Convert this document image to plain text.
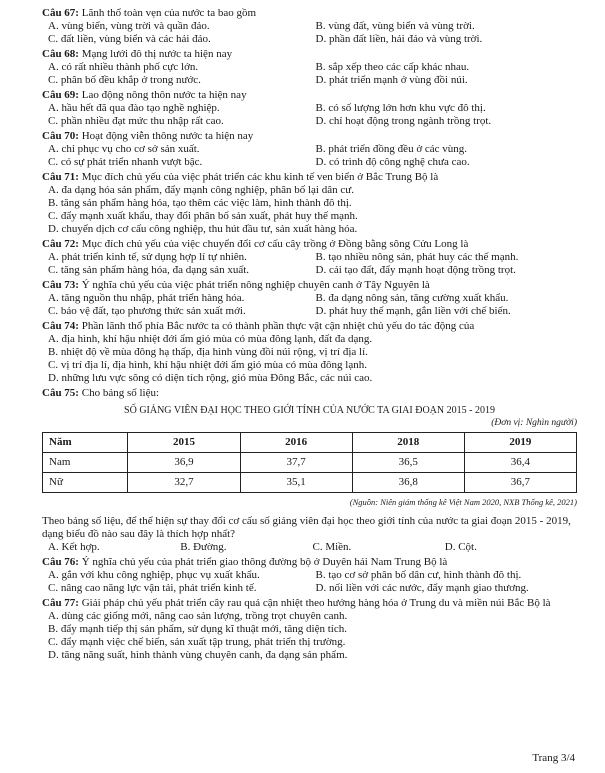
Câu 67: Lãnh thổ toàn vẹn của nước ta bao gồm
A. vùng biển, vùng trời và quần đảo.	B. vùng đất, vùng biển và vùng trời.
C. đất liền, vùng biển và các hải đảo.	D. phần đất liền, hải đảo và vùng trời.
Câu 68: Mạng lưới đô thị nước ta hiện nay
A. có rất nhiều thành phố cực lớn.	B. sắp xếp theo các cấp khác nhau.
C. phân bố đều khắp ở trong nước.	D. phát triển mạnh ở vùng đồi núi.
Câu 69: Lao động nông thôn nước ta hiện nay
A. hầu hết đã qua đào tạo nghề nghiệp.	B. có số lượng lớn hơn khu vực đô thị.
C. phần nhiều đạt mức thu nhập rất cao.	D. chỉ hoạt động trong ngành trồng trọt.
Câu 70: Hoạt động viễn thông nước ta hiện nay
A. chỉ phục vụ cho cơ sở sản xuất.	B. phát triển đồng đều ở các vùng.
C. có sự phát triển nhanh vượt bậc.	D. có trình độ công nghệ chưa cao.
Câu 71: Mục đích chủ yếu của việc phát triển các khu kinh tế ven biển ở Bắc Trung Bộ là
A. đa dạng hóa sản phẩm, đẩy mạnh công nghiệp, phân bố lại dân cư.
B. tăng sản phẩm hàng hóa, tạo thêm các việc làm, hình thành đô thị.
C. đẩy mạnh xuất khẩu, thay đổi phân bố sản xuất, phát huy thế mạnh.
D. chuyển dịch cơ cấu công nghiệp, thu hút đầu tư, sản xuất hàng hóa.
Câu 72: Mục đích chủ yếu của việc chuyển đổi cơ cấu cây trồng ở Đồng bằng sông Cửu Long là
A. phát triển kinh tế, sử dụng hợp lí tự nhiên.	B. tạo nhiều nông sản, phát huy các thế mạnh.
C. tăng sản phẩm hàng hóa, đa dạng sản xuất.	D. cải tạo đất, đẩy mạnh hoạt động trồng trọt.
Câu 73: Ý nghĩa chủ yếu của việc phát triển nông nghiệp chuyên canh ở Tây Nguyên là
A. tăng nguồn thu nhập, phát triển hàng hóa.	B. đa dạng nông sản, tăng cường xuất khẩu.
C. bảo vệ đất, tạo phương thức sản xuất mới.	D. phát huy thế mạnh, gắn liền với chế biến.
Câu 74: Phần lãnh thổ phía Bắc nước ta có thành phần thực vật cận nhiệt chủ yếu do tác động của
A. địa hình, khí hậu nhiệt đới ẩm gió mùa có mùa đông lạnh, đất đa dạng.
B. nhiệt độ về mùa đông hạ thấp, địa hình vùng đồi núi rộng, vị trí địa lí.
C. vị trí địa lí, địa hình, khí hậu nhiệt đới ẩm gió mùa có mùa đông lạnh.
D. những lưu vực sông có diện tích rộng, gió mùa Đông Bắc, các núi cao.
Câu 75: Cho bảng số liệu:
SỐ GIẢNG VIÊN ĐẠI HỌC THEO GIỚI TÍNH CỦA NƯỚC TA GIAI ĐOẠN 2015 - 2019
(Đơn vị: Nghìn người)
Năm	2015	2016	2018	2019
Nam	36,9	37,7	36,5	36,4
Nữ	32,7	35,1	36,8	36,7
(Nguồn: Niên giám thống kê Việt Nam 2020, NXB Thống kê, 2021)
Theo bảng số liệu, để thể hiện sự thay đổi cơ cấu số giảng viên đại học theo giới tính của nước ta giai đoạn 2015 - 2019, dạng biểu đồ nào sau đây là thích hợp nhất?
A. Kết hợp.	B. Đường.	C. Miền.	D. Cột.
Câu 76: Ý nghĩa chủ yếu của phát triển giao thông đường bộ ở Duyên hải Nam Trung Bộ là
A. gắn với khu công nghiệp, phục vụ xuất khẩu.	B. tạo cơ sở phân bố dân cư, hình thành đô thị.
C. nâng cao năng lực vận tải, phát triển kinh tế.	D. nối liền với các nước, đẩy mạnh giao thương.
Câu 77: Giải pháp chủ yếu phát triển cây rau quả cận nhiệt theo hướng hàng hóa ở Trung du và miền núi Bắc Bộ là
A. dùng các giống mới, nâng cao sản lượng, trồng trọt chuyên canh.
B. đẩy mạnh tiếp thị sản phẩm, sử dụng kĩ thuật mới, tăng diện tích.
C. đẩy mạnh việc chế biến, sản xuất tập trung, phát triển thị trường.
D. tăng năng suất, hình thành vùng chuyên canh, đa dạng sản phẩm.
Trang 3/4
